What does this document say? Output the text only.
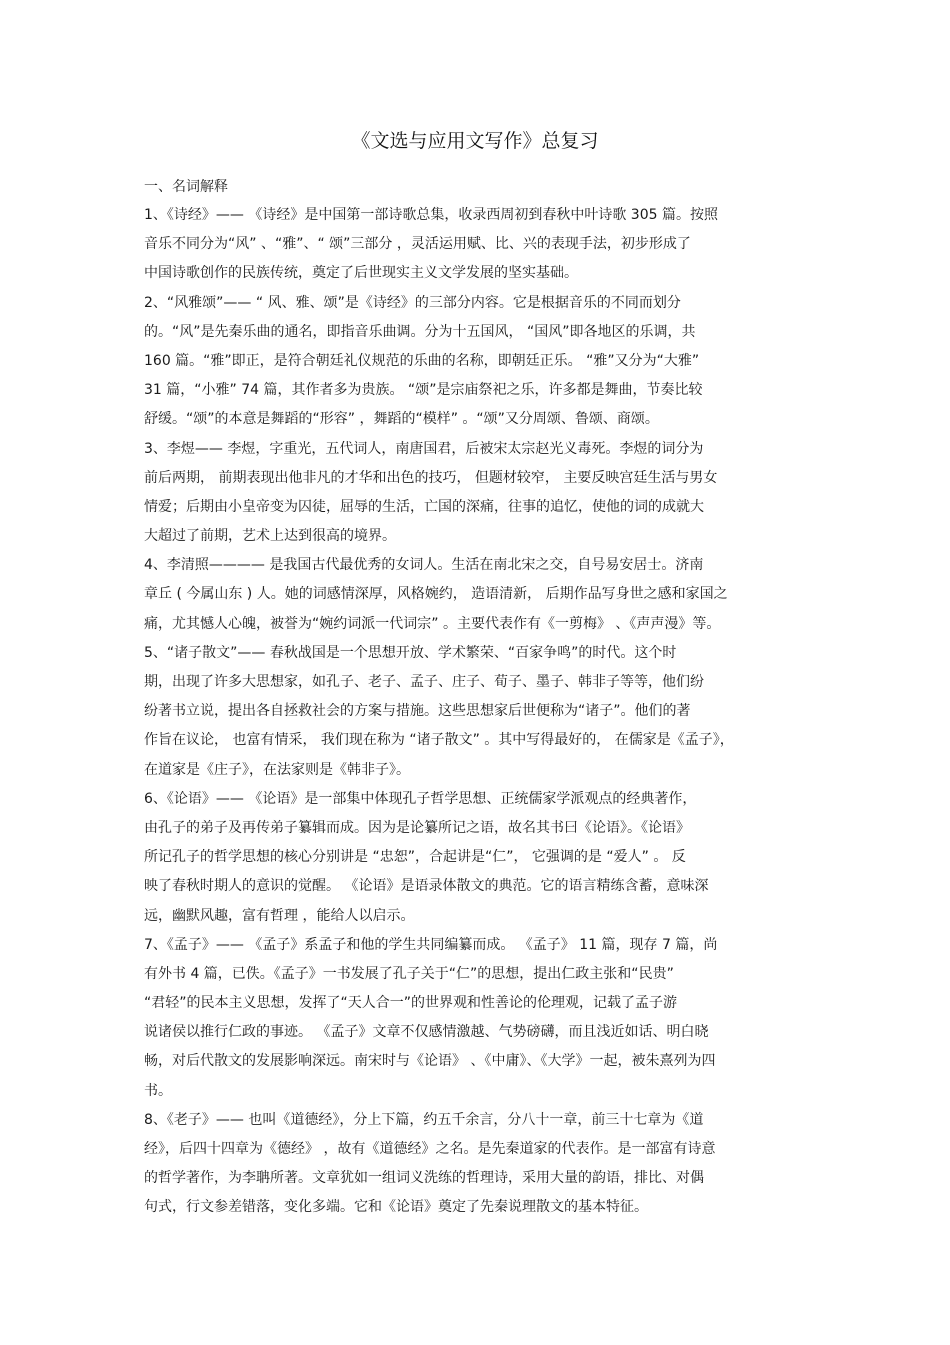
《文选与应用文写作》总复习
一、名词解释
1、《诗经》—— 《诗经》是中国第一部诗歌总集，收录西周初到春秋中叶诗歌 305 篇。按照
音乐不同分为“风” 、“雅”、“ 颂”三部分 ，灵活运用赋、比、兴的表现手法，初步形成了
中国诗歌创作的民族传统，奠定了后世现实主义文学发展的坚实基础。
2、“风雅颂”—— “ 风、雅、颂”是《诗经》的三部分内容。它是根据音乐的不同而划分
的。“风”是先秦乐曲的通名，即指音乐曲调。分为十五国风， “国风”即各地区的乐调，共
160 篇。“雅”即正，是符合朝廷礼仪规范的乐曲的名称，即朝廷正乐。 “雅”又分为“大雅”
31 篇，“小雅” 74 篇，其作者多为贵族。 “颂”是宗庙祭祀之乐，许多都是舞曲，节奏比较
舒缓。“颂”的本意是舞蹈的“形容” ，舞蹈的“模样” 。“颂”又分周颂、鲁颂、商颂。
3、李煜—— 李煜，字重光，五代词人，南唐国君，后被宋太宗赵光义毒死。李煜的词分为
前后两期， 前期表现出他非凡的才华和出色的技巧， 但题材较窄， 主要反映宫廷生活与男女
情爱；后期由小皇帝变为囚徒，屈辱的生活，亡国的深痛，往事的追忆，使他的词的成就大
大超过了前期，艺术上达到很高的境界。
4、李清照———— 是我国古代最优秀的女词人。生活在南北宋之交，自号易安居士。济南
章丘 ( 今属山东 ) 人。她的词感情深厚，风格婉约， 造语清新， 后期作品写身世之感和家国之
痛，尤其憾人心魄，被誉为“婉约词派一代词宗” 。主要代表作有《一剪梅》 、《声声漫》等。
5、“诸子散文”—— 春秋战国是一个思想开放、学术繁荣、“百家争鸣”的时代。这个时
期，出现了许多大思想家，如孔子、老子、孟子、庄子、荀子、墨子、韩非子等等，他们纷
纷著书立说，提出各自拯救社会的方案与措施。这些思想家后世便称为“诸子”。他们的著
作旨在议论， 也富有情采， 我们现在称为 “诸子散文” 。其中写得最好的， 在儒家是《孟子》，
在道家是《庄子》，在法家则是《韩非子》。
6、《论语》—— 《论语》是一部集中体现孔子哲学思想、正统儒家学派观点的经典著作，
由孔子的弟子及再传弟子纂辑而成。因为是论纂所记之语，故名其书曰《论语》。《论语》
所记孔子的哲学思想的核心分别讲是 “忠恕”，合起讲是“仁”， 它强调的是 “爱人” 。 反
映了春秋时期人的意识的觉醒。 《论语》是语录体散文的典范。它的语言精练含蓄，意味深
远，幽默风趣，富有哲理 ，能给人以启示。
7、《孟子》—— 《孟子》系孟子和他的学生共同编纂而成。 《孟子》 11 篇，现存 7 篇，尚
有外书 4 篇，已佚。《孟子》一书发展了孔子关于“仁”的思想，提出仁政主张和“民贵”
“君轻”的民本主义思想，发挥了“天人合一”的世界观和性善论的伦理观，记载了孟子游
说诸侯以推行仁政的事迹。 《孟子》文章不仅感情激越、气势磅礴，而且浅近如话、明白晓
畅，对后代散文的发展影响深远。南宋时与《论语》 、《中庸》、《大学》一起，被朱熹列为四
书。
8、《老子》—— 也叫《道德经》，分上下篇，约五千余言，分八十一章，前三十七章为《道
经》，后四十四章为《德经》 ，故有《道德经》之名。是先秦道家的代表作。是一部富有诗意
的哲学著作，为李聃所著。文章犹如一组词义洗练的哲理诗，采用大量的韵语，排比、对偶
句式，行文参差错落，变化多端。它和《论语》奠定了先秦说理散文的基本特征。
